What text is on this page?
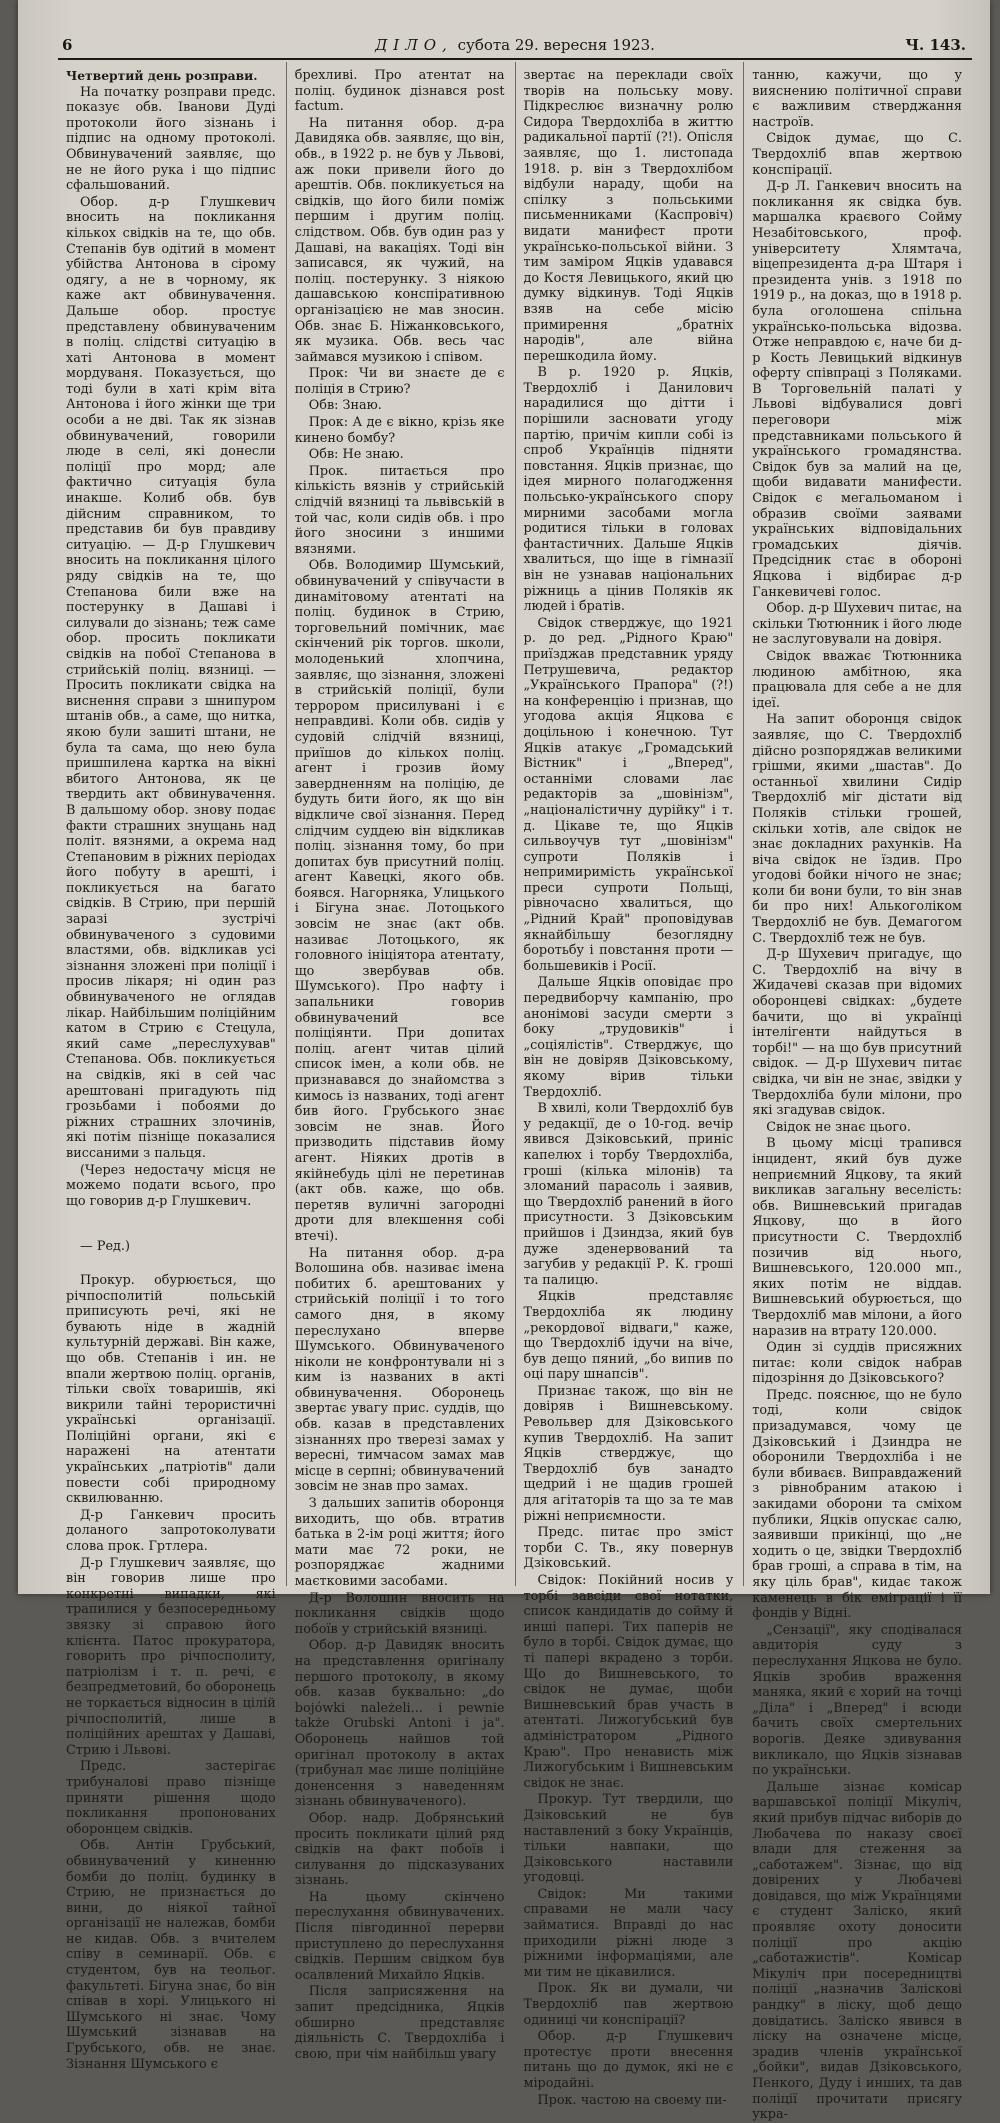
6	ДІЛО, субота 29. вересня 1923.	Ч. 143.

Четвертий день розправи.

На початку розправи предс. показує обв. Іванови Дуді протоколи його зізнань і підпис на одному протоколі. Обвинувачений заявляє, що не не його рука і що підпис сфальшований.

Обор. д-р Глушкевич вносить на покликання кількох свідків на те, що обв. Степанів був одітий в момент убійства Антонова в сірому одягу, а не в чорному, як каже акт обвинувачення. Дальше обор. простує представлену обвинуваченим в поліц. слідстві ситуацію в хаті Антонова в момент мордуваня. Показується, що тоді були в хаті крім віта Антонова і його жінки ще три особи а не дві. Так як зізнав обвинувачений, говорили люде в селі, які донесли поліції про морд; але фактично ситуація була инакше. Колиб обв. був дійсним справником, то представив би був правдиву ситуацію. — Д-р Глушкевич вносить на покликання цілого ряду свідків на те, що Степанова били вже на постерунку в Дашаві і силували до зізнань; теж саме обор. просить покликати свідків на побої Степанова в стрийській поліц. вязниці. — Просить покликати свідка на виснення справи з шнипуром штанів обв., а саме, що нитка, якою були зашиті штани, не була та сама, що нею була пришпилена картка на вікні вбитого Антонова, як це твердить акт обвинувачення. В дальшому обор. знову подає факти страшних знущань над політ. вязнями, а окрема над Степановим в ріжних періодах його побуту в арешті, і покликується на багато свідків. В Стрию, при першій заразі зустрічі обвинуваченого з судовими властями, обв. відкликав усі зізнання зложені при поліції і просив лікаря; ні один раз обвинуваченого не оглядав лікар. Найбільшим поліційним катом в Стрию є Стецула, який саме „переслухував" Степанова. Обв. покликується на свідків, які в сей час арештовані пригадують під грозьбами і побоями до ріжних страшних злочинів, які потім пізніще показалися виссаними з пальця.

(Через недостачу місця не можемо подати всього, про що говорив д-р Глушкевич.

— Ред.)

Прокур. обурюється, що річпосполитій польській приписують речі, які не бувають ніде в жадній культурній державі. Він каже, що обв. Степанів і ин. не впали жертвою поліц. органів, тільки своїх товаришів, які викрили тайні терористичні українські організації. Поліційні органи, які є наражені на атентати українських „патріотів" дали повести собі природному сквилюванню.

Д-р Ганкевич просить доланого запротоколувати слова прок. Гртлера.

Д-р Глушкевич заявляє, що він говорив лише про конкретні випадки, які трапилися у безпосередньому звязку зі справою його клієнта. Патос прокуратора, говорить про річпосполиту, патріолізм і т. п. речі, є безпредметовий, бо оборонець не торкається відносин в цілій річпосполитій, лише в поліційних арештах у Дашаві, Стрию і Львові.

Предс. застерігає трибуналові право пізніще приняти рішення щодо покликання пропонованих оборонцем свідків.

Обв. Антін Грубський, обвинувачений у киненню бомби до поліц. будинку в Стрию, не признається до вини, до ніякої тайної організації не належав, бомби не кидав. Обв. з вчителем співу в семинарії. Обв. є студентом, був на теольог. факультеті. Бігуна знає, бо він співав в хорі. Улицького ні Шумського ні знає. Чому Шумський зізнавав на Грубського, обв. не знає. Зізнання Шумського є

брехливі. Про атентат на поліц. будинок дізнався post factum.

На питання обор. д-ра Давидяка обв. заявляє, що він, обв., в 1922 р. не був у Львові, аж поки привели його до арештів. Обв. покликується на свідків, що його били поміж першим і другим поліц. слідством. Обв. був один раз у Дашаві, на вакаціях. Тоді він записався, як чужий, на поліц. постерунку. З ніякою дашавською конспіративною організацією не мав зносин. Обв. знає Б. Ніжанковського, як музика. Обв. весь час займався музикою і співом.

Прок: Чи ви знаєте де є поліція в Стрию?

Обв: Знаю.

Прок: А де є вікно, крізь яке кинено бомбу?

Обв: Не знаю.

Прок. питається про кількість вязнів у стрийській слідчій вязниці та львівській в той час, коли сидів обв. і про його зносини з иншими вязнями.

Обв. Володимир Шумський, обвинувачений у співучасти в динамітовому атентаті на поліц. будинок в Стрию, торговельний помічник, має скінчений рік торгов. школи, молоденький хлопчина, заявляє, що зізнання, зложені в стрийській поліції, були террором присилувані і є неправдиві. Коли обв. сидів у судовій слідчій вязниці, приїшов до кількох поліц. агент і грозив йому завердненням на поліцію, де будуть бити його, як що він відкличе свої зізнання. Перед слідчим суддею він відкликав поліц. зізнання тому, бо при допитах був присутний поліц. агент Кавецкі, якого обв. боявся. Нагорняка, Улицького і Бігуна знає. Лотоцького зовсім не знає (акт обв. називає Лотоцького, як головного ініціятора атентату, що звербував обв. Шумського). Про нафту і запальники говорив обвинувачений все поліціянти. При допитах поліц. агент читав цілий список імен, а коли обв. не признавався до знайомства з кимось із названих, тоді агент бив його. Грубського знає зовсім не знав. Його призводить підставив йому агент. Ніяких дротів в якійнебудь цілі не перетинав (акт обв. каже, що обв. перетяв вуличні загородні дроти для влекшення собі втечі).

На питання обор. д-ра Волошина обв. називає імена побитих б. арештованих у стрийській поліції і то того самого дня, в якому переслухано вперве Шумського. Обвинуваченого ніколи не конфронтували ні з ким із названих в акті обвинувачення. Оборонець звертає увагу прис. суддів, що обв. казав в представлених зізнаннях про тверезі замах у вересні, тимчасом замах мав місце в серпні; обвинувачений зовсім не знав про замах.

З дальших запитів оборонця виходить, що обв. втратив батька в 2-ім році життя; його мати має 72 роки, не розпоряджає жадними маєтковими засобами.

Д-р Волошин вносить на покликання свідків щодо побоїв у стрийській вязниці.

Обор. д-р Давидяк вносить на представлення оригіналу першого протоколу, в якому обв. казав буквально: „do bojówki należeli... i pewnie także Orubski Antoni i ja". Оборонець найшов той оригінал протоколу в актах (трибунал має лише поліційне доненсення з наведенням зізнань обвинуваченого).

Обор. надр. Добрянський просить покликати цілий ряд свідків на факт побоїв і силування до підсказуваних зізнань.

На цьому скінчено переслухання обвинувачених. Після півгодинної перерви приступлено до переслухання свідків. Першим свідком був осалвлений Михайло Яцків.

Після заприсяження на запит предсідника, Яцків обширно представляє діяльність С. Твердохліба і свою, при чім найбільш увагу

звертає на переклади своїх творів на польську мову. Підкреслює визначну ролю Сидора Твердохліба в життю радикальної партії (?!). Опісля заявляє, що 1. листопада 1918. р. він з Твердохлібом відбули нараду, щоби на спілку з польськими письменниками (Каспровіч) видати манифест проти українсько-польської війни. З тим заміром Яцків удавався до Костя Левицького, який цю думку відкинув. Тоді Яцків взяв на себе місію примирення „братніх народів", але війна перешкодила йому.

В р. 1920 р. Яцків, Твердохліб і Данилович нарадилися що дітти і порішили засновати угоду партію, причім кипли собі із спроб Українців підняти повстання. Яцків признає, що ідея мирного полагодження польсько-українського спору мирними засобами могла родитися тільки в головах фантастичних. Дальше Яцків хвалиться, що іще в гімназії він не узнавав національних ріжниць а цінив Поляків як людей і братів.

Свідок стверджує, що 1921 р. до ред. „Рідного Краю" приїзджав представник уряду Петрушевича, редактор „Українського Прапора" (?!) на конференцію і признав, що угодова акція Яцкова є доцільною і конечною. Тут Яцків атакує „Громадський Вістник" і „Вперед", останніми словами лає редакторів за „шовінізм", „націоналістичну дурійку" і т. д. Цікаве те, що Яцків сильвоучув тут „шовінізм" супроти Поляків і непримиримість української преси супроти Польщі, рівночасно хвалиться, що „Рідний Край" проповідував якнайбільшу безоглядну боротьбу і повстання проти — большевиків і Росії.

Дальше Яцків оповідає про передвиборчу кампанію, про анонімові засуди смерти з боку „трудовиків" і „соціялістів". Стверджує, що він не довіряв Дзіковському, якому вірив тільки Твердохліб.

В хвилі, коли Твердохліб був у редакції, де о 10-год. вечір явився Дзіковський, приніс капелюх і торбу Твердохліба, гроші (кілька мілонів) та зломаний парасоль і заявив, що Твердохліб ранений в його присутности. З Дзіковським прийшов і Дзиндза, який був дуже зденервований та загубив у редакції Р. К. гроші та палицю.

Яцків представляє Твердохліба як людину „рекордової відваги," каже, що Твердохліб ідучи на віче, був дещо пяний, „бо випив по оці пару шнапсів".

Признає також, що він не довіряв і Вишневському. Револьвер для Дзіковського купив Твердохліб. На запит Яцків стверджує, що Твердохліб був занадто щедрий і не щадив грошей для агітаторів та що за те мав ріжні неприємности.

Предс. питає про зміст торби С. Тв., яку повернув Дзіковський.

Свідок: Покійний носив у торбі завсіди свої нотатки, список кандидатів до сойму й инші папері. Тих паперів не було в торбі. Свідок думає, що ті папері вкрадено з торби. Що до Вишневського, то свідок не думає, щоби Вишневський брав участь в атентаті. Лижогубський був адміністратором „Рідного Краю". Про ненависть між Лижогубським і Вишневським свідок не знає.

Прокур. Тут твердили, що Дзіковський не був наставлений з боку Українців, тільки навпаки, що Дзіковського наставили угодовці.

Свідок: Ми такими справами не мали часу займатися. Вправді до нас приходили ріжні люде з ріжними інформаціями, але ми тим не цікавилися.

Прок. Як ви думали, чи Твердохліб пав жертвою одиниці чи конспірації?

Обор. д-р Глушкевич протестує проти внесення питань що до думок, які не є міродайні.

Прок. частою на своему пи-

танню, кажучи, що у вияснению політичної справи є важливим стверджання настроїв.

Свідок думає, що С. Твердохліб впав жертвою конспірації.

Д-р Л. Ганкевич вносить на покликання як свідка був. маршалка краєвого Сойму Незабітовського, проф. університету Хлямтача, віцепрезидента д-ра Штаря і президента унів. з 1918 по 1919 р., на доказ, що в 1918 р. була оголошена спільна українсько-польська відозва. Отже неправдою є, наче би д-р Кость Левицький відкинув оферту співпраці з Поляками. В Торговельній палаті у Львові відбувалися довгі переговори між представниками польського й українського громадянства. Свідок був за малий на це, щоби видавати манифести. Свідок є мегальоманом і образив своїми заявами українських відповідальних громадських діячів. Предсідник стає в обороні Яцкова і відбирає д-р Ганкевичеві голос.

Обор. д-р Шухевич питає, на скільки Тютюнник і його люде не заслуговували на довіря.

Свідок вважає Тютюнника людиною амбітною, яка працювала для себе а не для ідеї.

На запит оборонця свідок заявляє, що С. Твердохліб дійсно розпоряджав великими грішми, якими „шастав". До останньої хвилини Сидір Твердохліб міг дістати від Поляків стільки грошей, скільки хотів, але свідок не знає докладних рахунків. На віча свідок не їздив. Про угодові бойки нічого не знає; коли би вони були, то він знав би про них! Алькоголіком Твердохліб не був. Демагогом С. Твердохліб теж не був.

Д-р Шухевич пригадує, що С. Твердохліб на вічу в Жидачеві сказав при відомих оборонцеві свідках: „будете бачити, що ві українці інтелігенти найдуться в торбі!" — на що був присутний свідок. — Д-р Шухевич питає свідка, чи він не знає, звідки у Твердохліба були мілони, про які згадував свідок.

Свідок не знає цього.

В цьому місці трапився інцидент, який був дуже неприємний Яцкову, та який викликав загальну веселість: обв. Вишневський пригадав Яцкову, що в його присутности С. Твердохліб позичив від нього, Вишневського, 120.000 мп., яких потім не віддав. Вишневський обурюється, що Твердохліб мав мілони, а його наразив на втрату 120.000.

Один зі суддів присяжних питає: коли свідок набрав підозріння до Дзіковського?

Предс. пояснює, що не було тоді, коли свідок призадумався, чому це Дзіковський і Дзиндра не оборонили Твердохліба і не були вбиваєв. Виправдажений з рівнобраним атакою і закидами оборони та сміхом публики, Яцків опускає салю, заявивши прикінці, що „не ходить о це, звідки Твердохліб брав гроші, а справа в тім, на яку ціль брав", кидає також каменець в бік еміграції і її фондів у Відні.

„Сензації", яку сподівалася авдиторія суду з переслухання Яцкова не було. Яцків зробив враження маняка, який є хорий на точці „Діла" і „Вперед" і всюди бачить своїх смертельних ворогів. Деяке здивування викликало, що Яцків зізнавав по українськи.

Дальше зізнає комісар варшавської поліції Мікуліч, який прибув підчас виборів до Любачева по наказу своєї влади для стеження за „саботажем". Зізнає, що від довірених у Любачеві довідався, що між Українцями є студент Заліско, який проявляє охоту доносити поліції про акцію „саботажистів". Комісар Мікуліч при посередництві поліції „назначив Заліскові рандку" в ліску, щоб дещо довідатись. Заліско явився в ліску на означене місце, зрадив членів української „бойки", видав Дзіковського, Пенкого, Дуду і инших, та дав поліції прочитати присягу укра-
